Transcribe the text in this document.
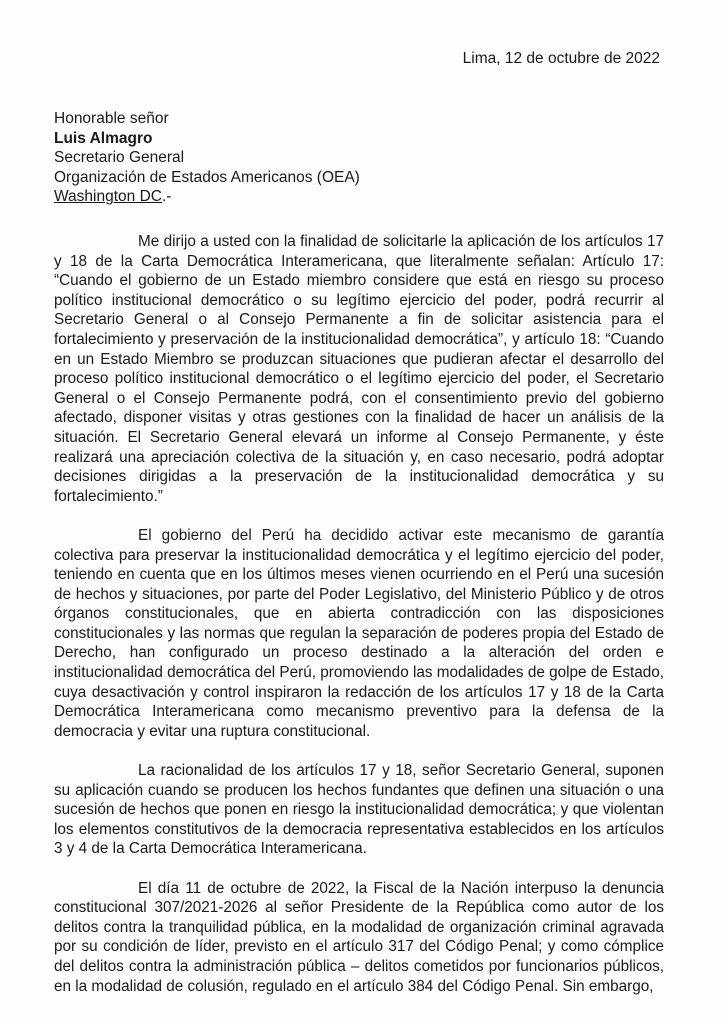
Lima, 12 de octubre de 2022
Honorable señor
Luis Almagro
Secretario General
Organización de Estados Americanos (OEA)
Washington DC.-

Me dirijo a usted con la finalidad de solicitarle la aplicación de los artículos 17 y 18 de la Carta Democrática Interamericana, que literalmente señalan: Artículo 17: “Cuando el gobierno de un Estado miembro considere que está en riesgo su proceso político institucional democrático o su legítimo ejercicio del poder, podrá recurrir al Secretario General o al Consejo Permanente a fin de solicitar asistencia para el fortalecimiento y preservación de la institucionalidad democrática”, y artículo 18: “Cuando en un Estado Miembro se produzcan situaciones que pudieran afectar el desarrollo del proceso político institucional democrático o el legítimo ejercicio del poder, el Secretario General o el Consejo Permanente podrá, con el consentimiento previo del gobierno afectado, disponer visitas y otras gestiones con la finalidad de hacer un análisis de la situación. El Secretario General elevará un informe al Consejo Permanente, y éste realizará una apreciación colectiva de la situación y, en caso necesario, podrá adoptar decisiones dirigidas a la preservación de la institucionalidad democrática y su fortalecimiento.”

El gobierno del Perú ha decidido activar este mecanismo de garantía colectiva para preservar la institucionalidad democrática y el legítimo ejercicio del poder, teniendo en cuenta que en los últimos meses vienen ocurriendo en el Perú una sucesión de hechos y situaciones, por parte del Poder Legislativo, del Ministerio Público y de otros órganos constitucionales, que en abierta contradicción con las disposiciones constitucionales y las normas que regulan la separación de poderes propia del Estado de Derecho, han configurado un proceso destinado a la alteración del orden e institucionalidad democrática del Perú, promoviendo las modalidades de golpe de Estado, cuya desactivación y control inspiraron la redacción de los artículos 17 y 18 de la Carta Democrática Interamericana como mecanismo preventivo para la defensa de la democracia y evitar una ruptura constitucional.

La racionalidad de los artículos 17 y 18, señor Secretario General, suponen su aplicación cuando se producen los hechos fundantes que definen una situación o una sucesión de hechos que ponen en riesgo la institucionalidad democrática; y que violentan los elementos constitutivos de la democracia representativa establecidos en los artículos 3 y 4 de la Carta Democrática Interamericana.

El día 11 de octubre de 2022, la Fiscal de la Nación interpuso la denuncia constitucional 307/2021-2026 al señor Presidente de la República como autor de los delitos contra la tranquilidad pública, en la modalidad de organización criminal agravada por su condición de líder, previsto en el artículo 317 del Código Penal; y como cómplice del delitos contra la administración pública – delitos cometidos por funcionarios públicos, en la modalidad de colusión, regulado en el artículo 384 del Código Penal. Sin embargo,
